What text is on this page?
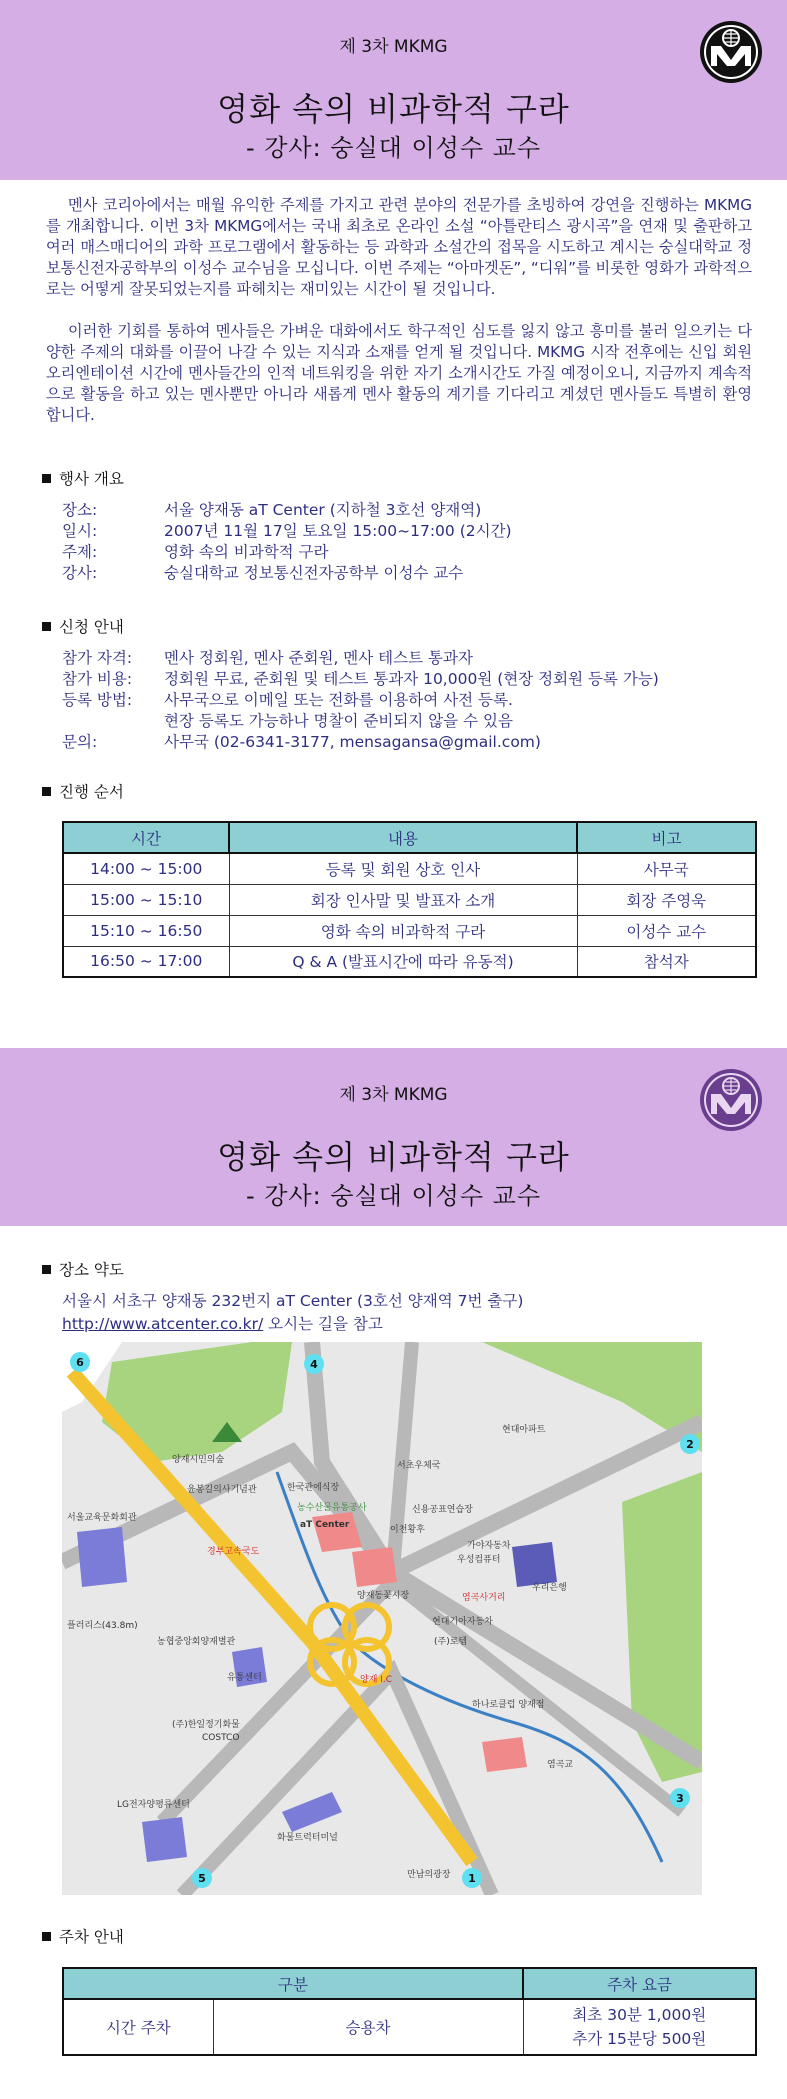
제 3차 MKMG
영화 속의 비과학적 구라
- 강사: 숭실대 이성수 교수

멘사 코리아에서는 매월 유익한 주제를 가지고 관련 분야의 전문가를 초빙하여 강연을 진행하는 MKMG를 개최합니다. 이번 3차 MKMG에서는 국내 최초로 온라인 소설 “아틀란티스 광시곡”을 연재 및 출판하고 여러 매스매디어의 과학 프로그램에서 활동하는 등 과학과 소설간의 접목을 시도하고 계시는 숭실대학교 정보통신전자공학부의 이성수 교수님을 모십니다. 이번 주제는 “아마겟돈”, “디워”를 비롯한 영화가 과학적으로는 어떻게 잘못되었는지를 파헤치는 재미있는 시간이 될 것입니다.

이러한 기회를 통하여 멘사들은 가벼운 대화에서도 학구적인 심도를 잃지 않고 흥미를 불러 일으키는 다양한 주제의 대화를 이끌어 나갈 수 있는 지식과 소재를 얻게 될 것입니다. MKMG 시작 전후에는 신입 회원 오리엔테이션 시간에 멘사들간의 인적 네트워킹을 위한 자기 소개시간도 가질 예정이오니, 지금까지 계속적으로 활동을 하고 있는 멘사뿐만 아니라 새롭게 멘사 활동의 계기를 기다리고 계셨던 멘사들도 특별히 환영합니다.

행사 개요
장소:	서울 양재동 aT Center (지하철 3호선 양재역)
일시:	2007년 11월 17일 토요일 15:00~17:00 (2시간)
주제:	영화 속의 비과학적 구라
강사:	숭실대학교 정보통신전자공학부 이성수 교수
신청 안내
참가 자격:	멘사 정회원, 멘사 준회원, 멘사 테스트 통과자
참가 비용:	정회원 무료, 준회원 및 테스트 통과자 10,000원 (현장 정회원 등록 가능)
등록 방법:	사무국으로 이메일 또는 전화를 이용하여 사전 등록.
현장 등록도 가능하나 명찰이 준비되지 않을 수 있음
문의:	사무국 (02-6341-3177, mensagansa@gmail.com)
진행 순서
시간	내용	비고
14:00 ~ 15:00	등록 및 회원 상호 인사	사무국
15:00 ~ 15:10	회장 인사말 및 발표자 소개	회장 주영욱
15:10 ~ 16:50	영화 속의 비과학적 구라	이성수 교수
16:50 ~ 17:00	Q & A (발표시간에 따라 유동적)	참석자
제 3차 MKMG
영화 속의 비과학적 구라
- 강사: 숭실대 이성수 교수
장소 약도
서울시 서초구 양재동 232번지 aT Center (3호선 양재역 7번 출구)
http://www.atcenter.co.kr/ 오시는 길을 참고
양재시민의숲
윤봉길의사기념관	한국관에식장
서초우체국
현대아파트
농수산물유통공사
aT Center
신용공표연습장
이천황후
가야자동차
우성컴퓨터
서울교육문화회관
경부고속국도
양재동꽃시장	염곡사거리
우리은행
현대기아자동차
(주)로템
플러리스(43.8m)
농협중앙회양재별관
유통센터	양재 I.C
하나로클럽 양재점
(주)한일정기화물
COSTCO
염곡교
LG전자양평류센터
화물트럭터미널
만남의광장 1
2
3
4
5
6
주차 안내
구분		주차 요금
시간 주차	승용차	최초 30분 1,000원
추가 15분당 500원
